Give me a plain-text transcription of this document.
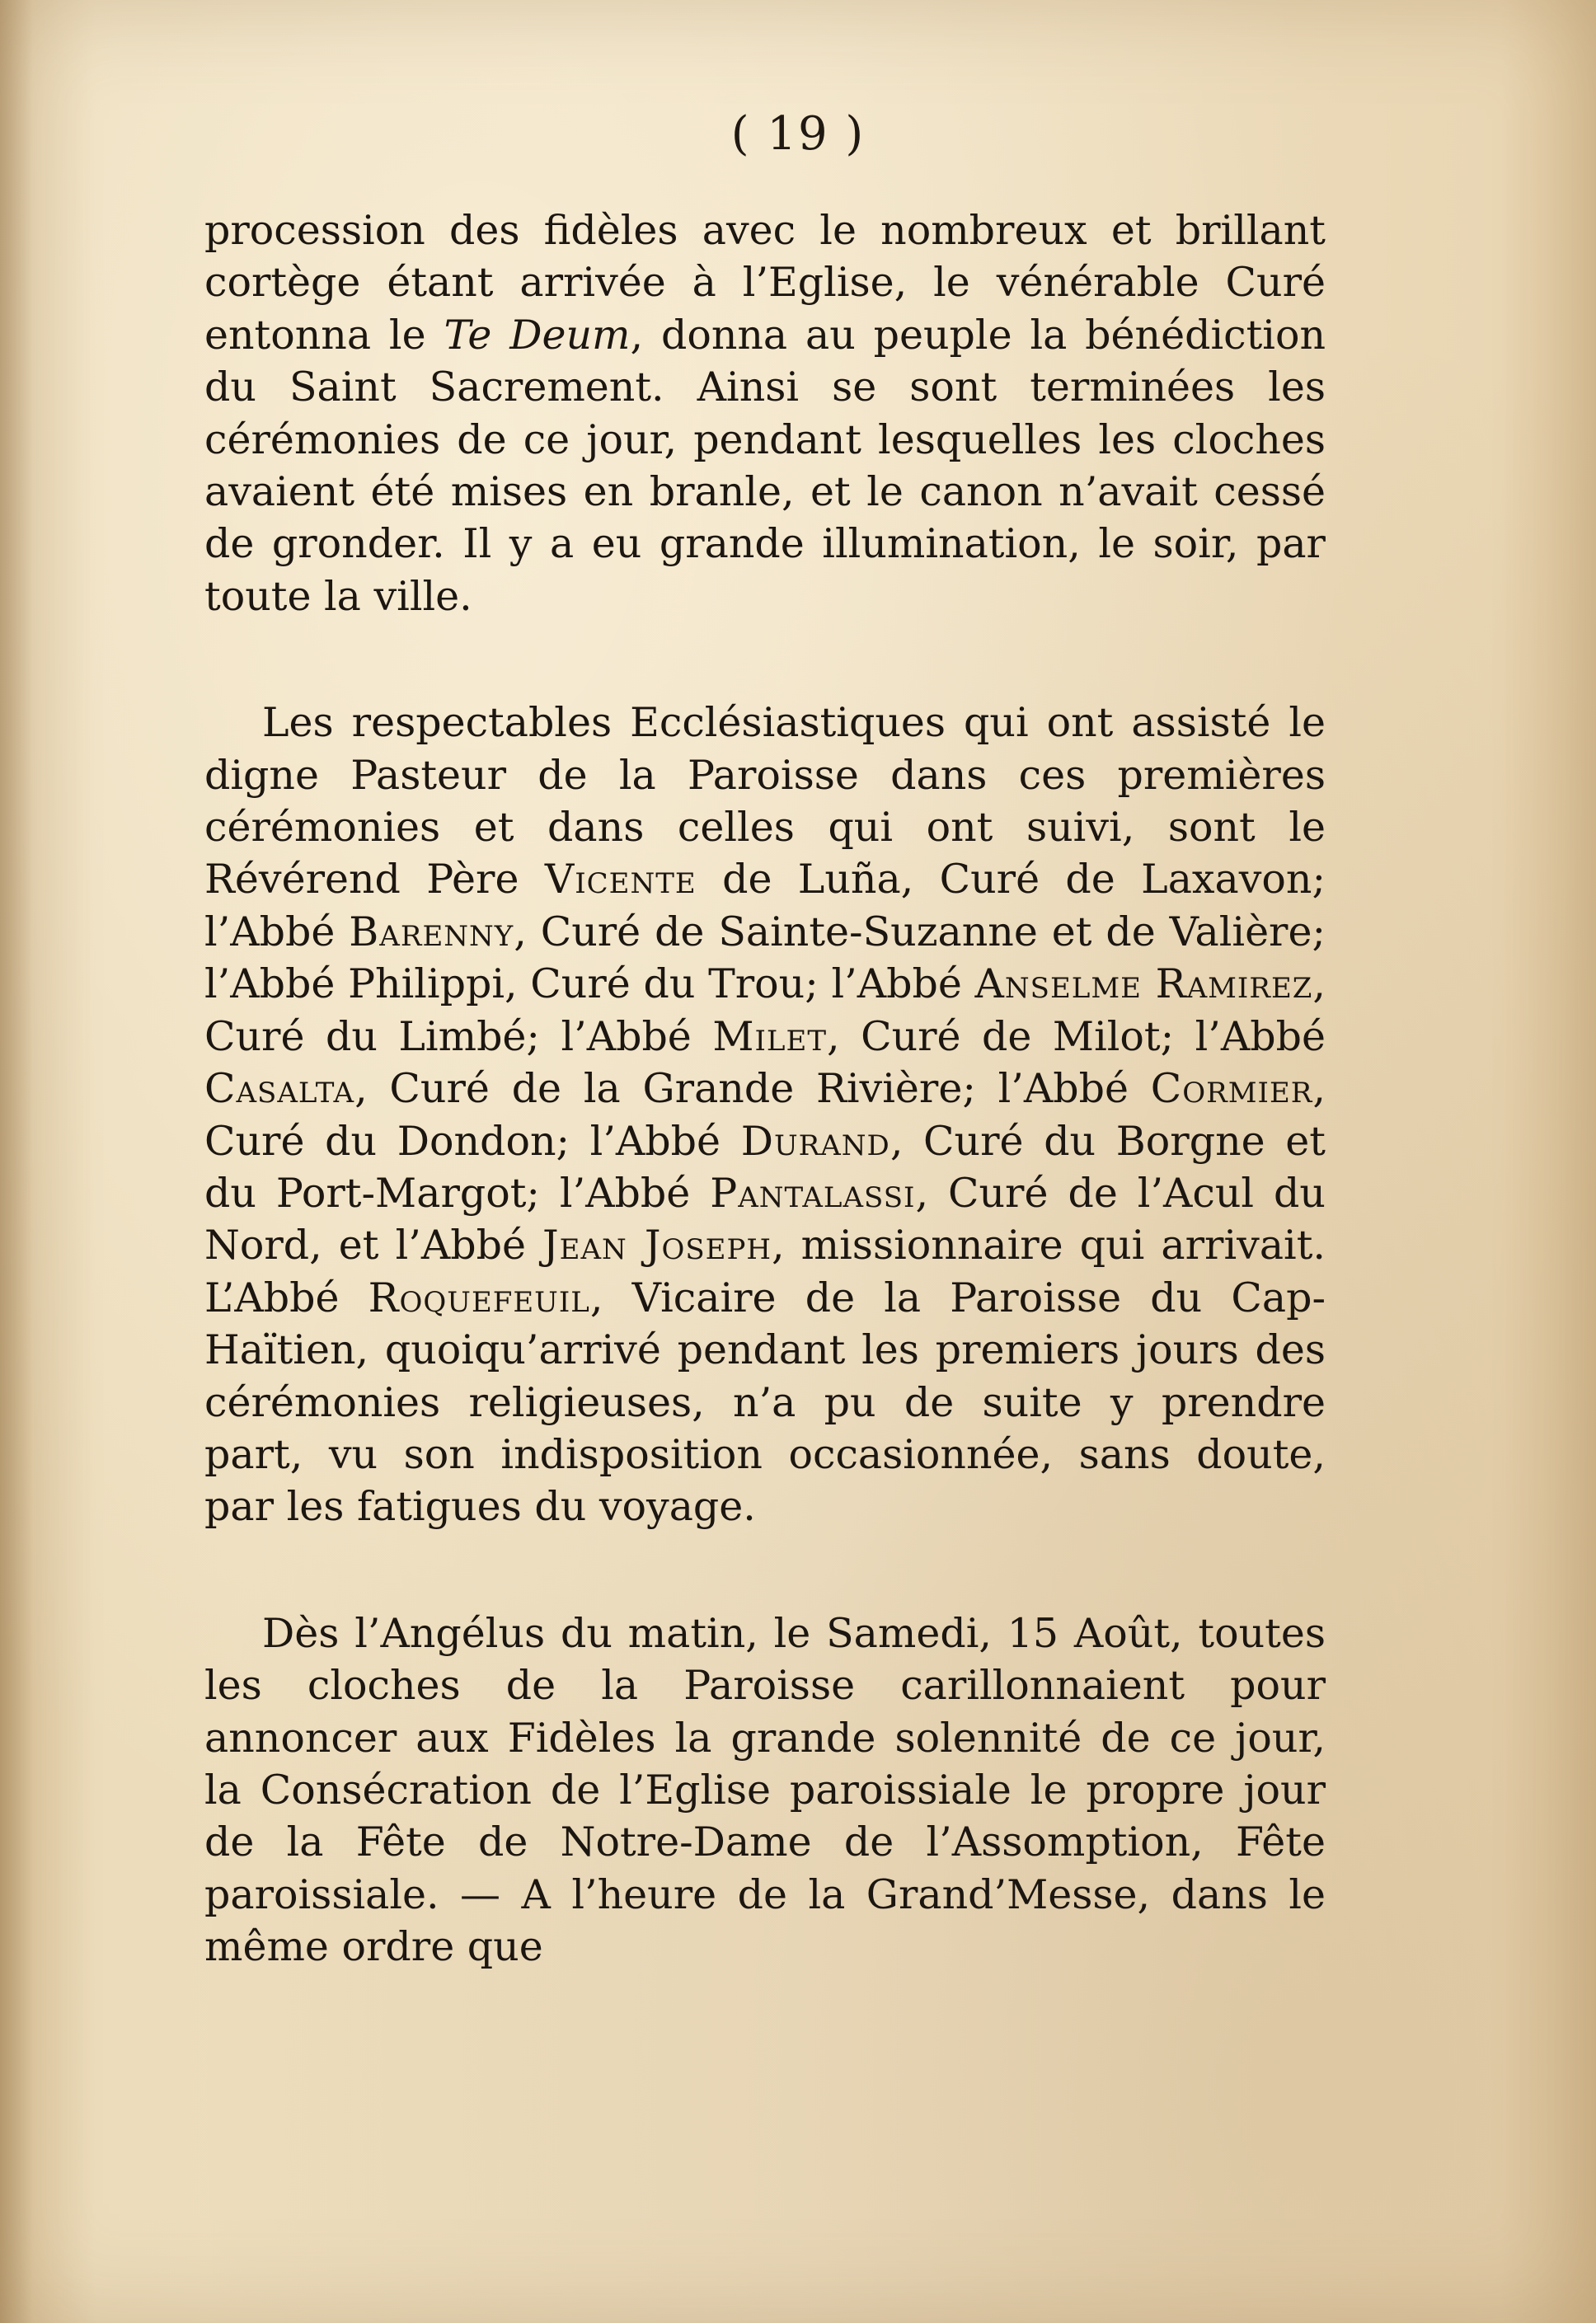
( 19 )

procession des fidèles avec le nombreux et brillant cortège étant arrivée à l’Eglise, le vénérable Curé entonna le Te Deum, donna au peuple la bénédiction du Saint Sacrement. Ainsi se sont terminées les cérémonies de ce jour, pendant lesquelles les cloches avaient été mises en branle, et le canon n’avait cessé de gronder. Il y a eu grande illumination, le soir, par toute la ville.

Les respectables Ecclésiastiques qui ont assisté le digne Pasteur de la Paroisse dans ces premières cérémonies et dans celles qui ont suivi, sont le Révérend Père Vicente de Luña, Curé de Laxavon; l’Abbé Barenny, Curé de Sainte-Suzanne et de Valière; l’Abbé Philippi, Curé du Trou; l’Abbé Anselme Ramirez, Curé du Limbé; l’Abbé Milet, Curé de Milot; l’Abbé Casalta, Curé de la Grande Rivière; l’Abbé Cormier, Curé du Dondon; l’Abbé Durand, Curé du Borgne et du Port-Margot; l’Abbé Pantalassi, Curé de l’Acul du Nord, et l’Abbé Jean Joseph, missionnaire qui arrivait. L’Abbé Roquefeuil, Vicaire de la Paroisse du Cap-Haïtien, quoiqu’arrivé pendant les premiers jours des cérémonies religieuses, n’a pu de suite y prendre part, vu son indisposition occasionnée, sans doute, par les fatigues du voyage.

Dès l’Angélus du matin, le Samedi, 15 Août, toutes les cloches de la Paroisse carillonnaient pour annoncer aux Fidèles la grande solennité de ce jour, la Consécration de l’Eglise paroissiale le propre jour de la Fête de Notre-Dame de l’Assomption, Fête paroissiale. — A l’heure de la Grand’Messe, dans le même ordre que
